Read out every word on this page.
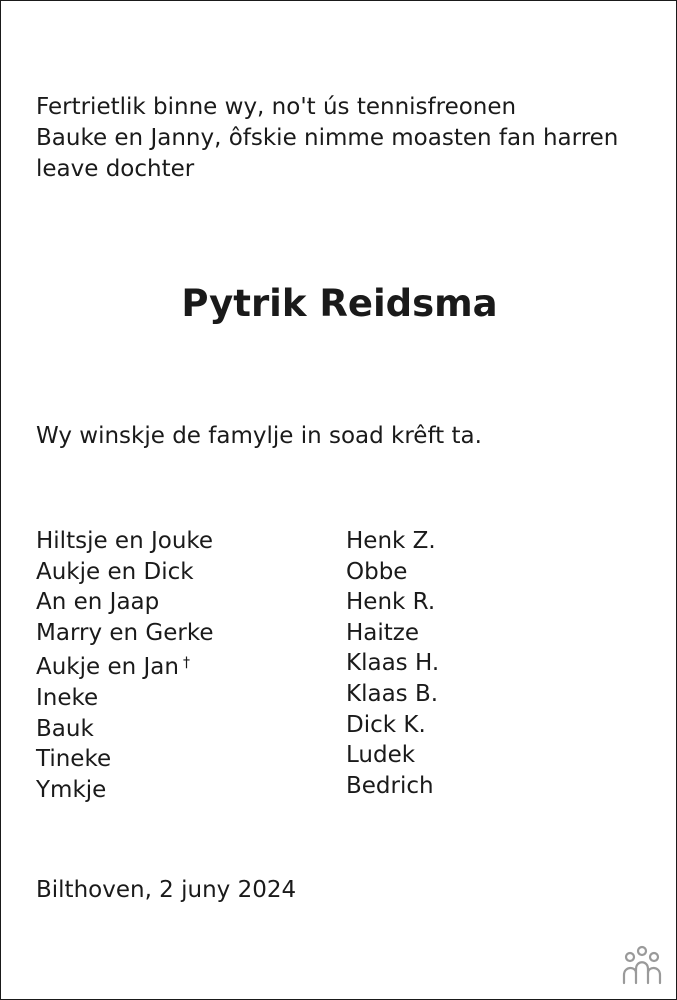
Fertrietlik binne wy, no't ús tennisfreonen
Bauke en Janny, ôfskie nimme moasten fan harren
leave dochter

Pytrik Reidsma

Wy winskje de famylje in soad krêft ta.

Hiltsje en Jouke
Aukje en Dick
An en Jaap
Marry en Gerke
Aukje en Jan †
Ineke
Bauk
Tineke
Ymkje
Henk Z.
Obbe
Henk R.
Haitze
Klaas H.
Klaas B.
Dick K.
Ludek
Bedrich

Bilthoven, 2 juny 2024
